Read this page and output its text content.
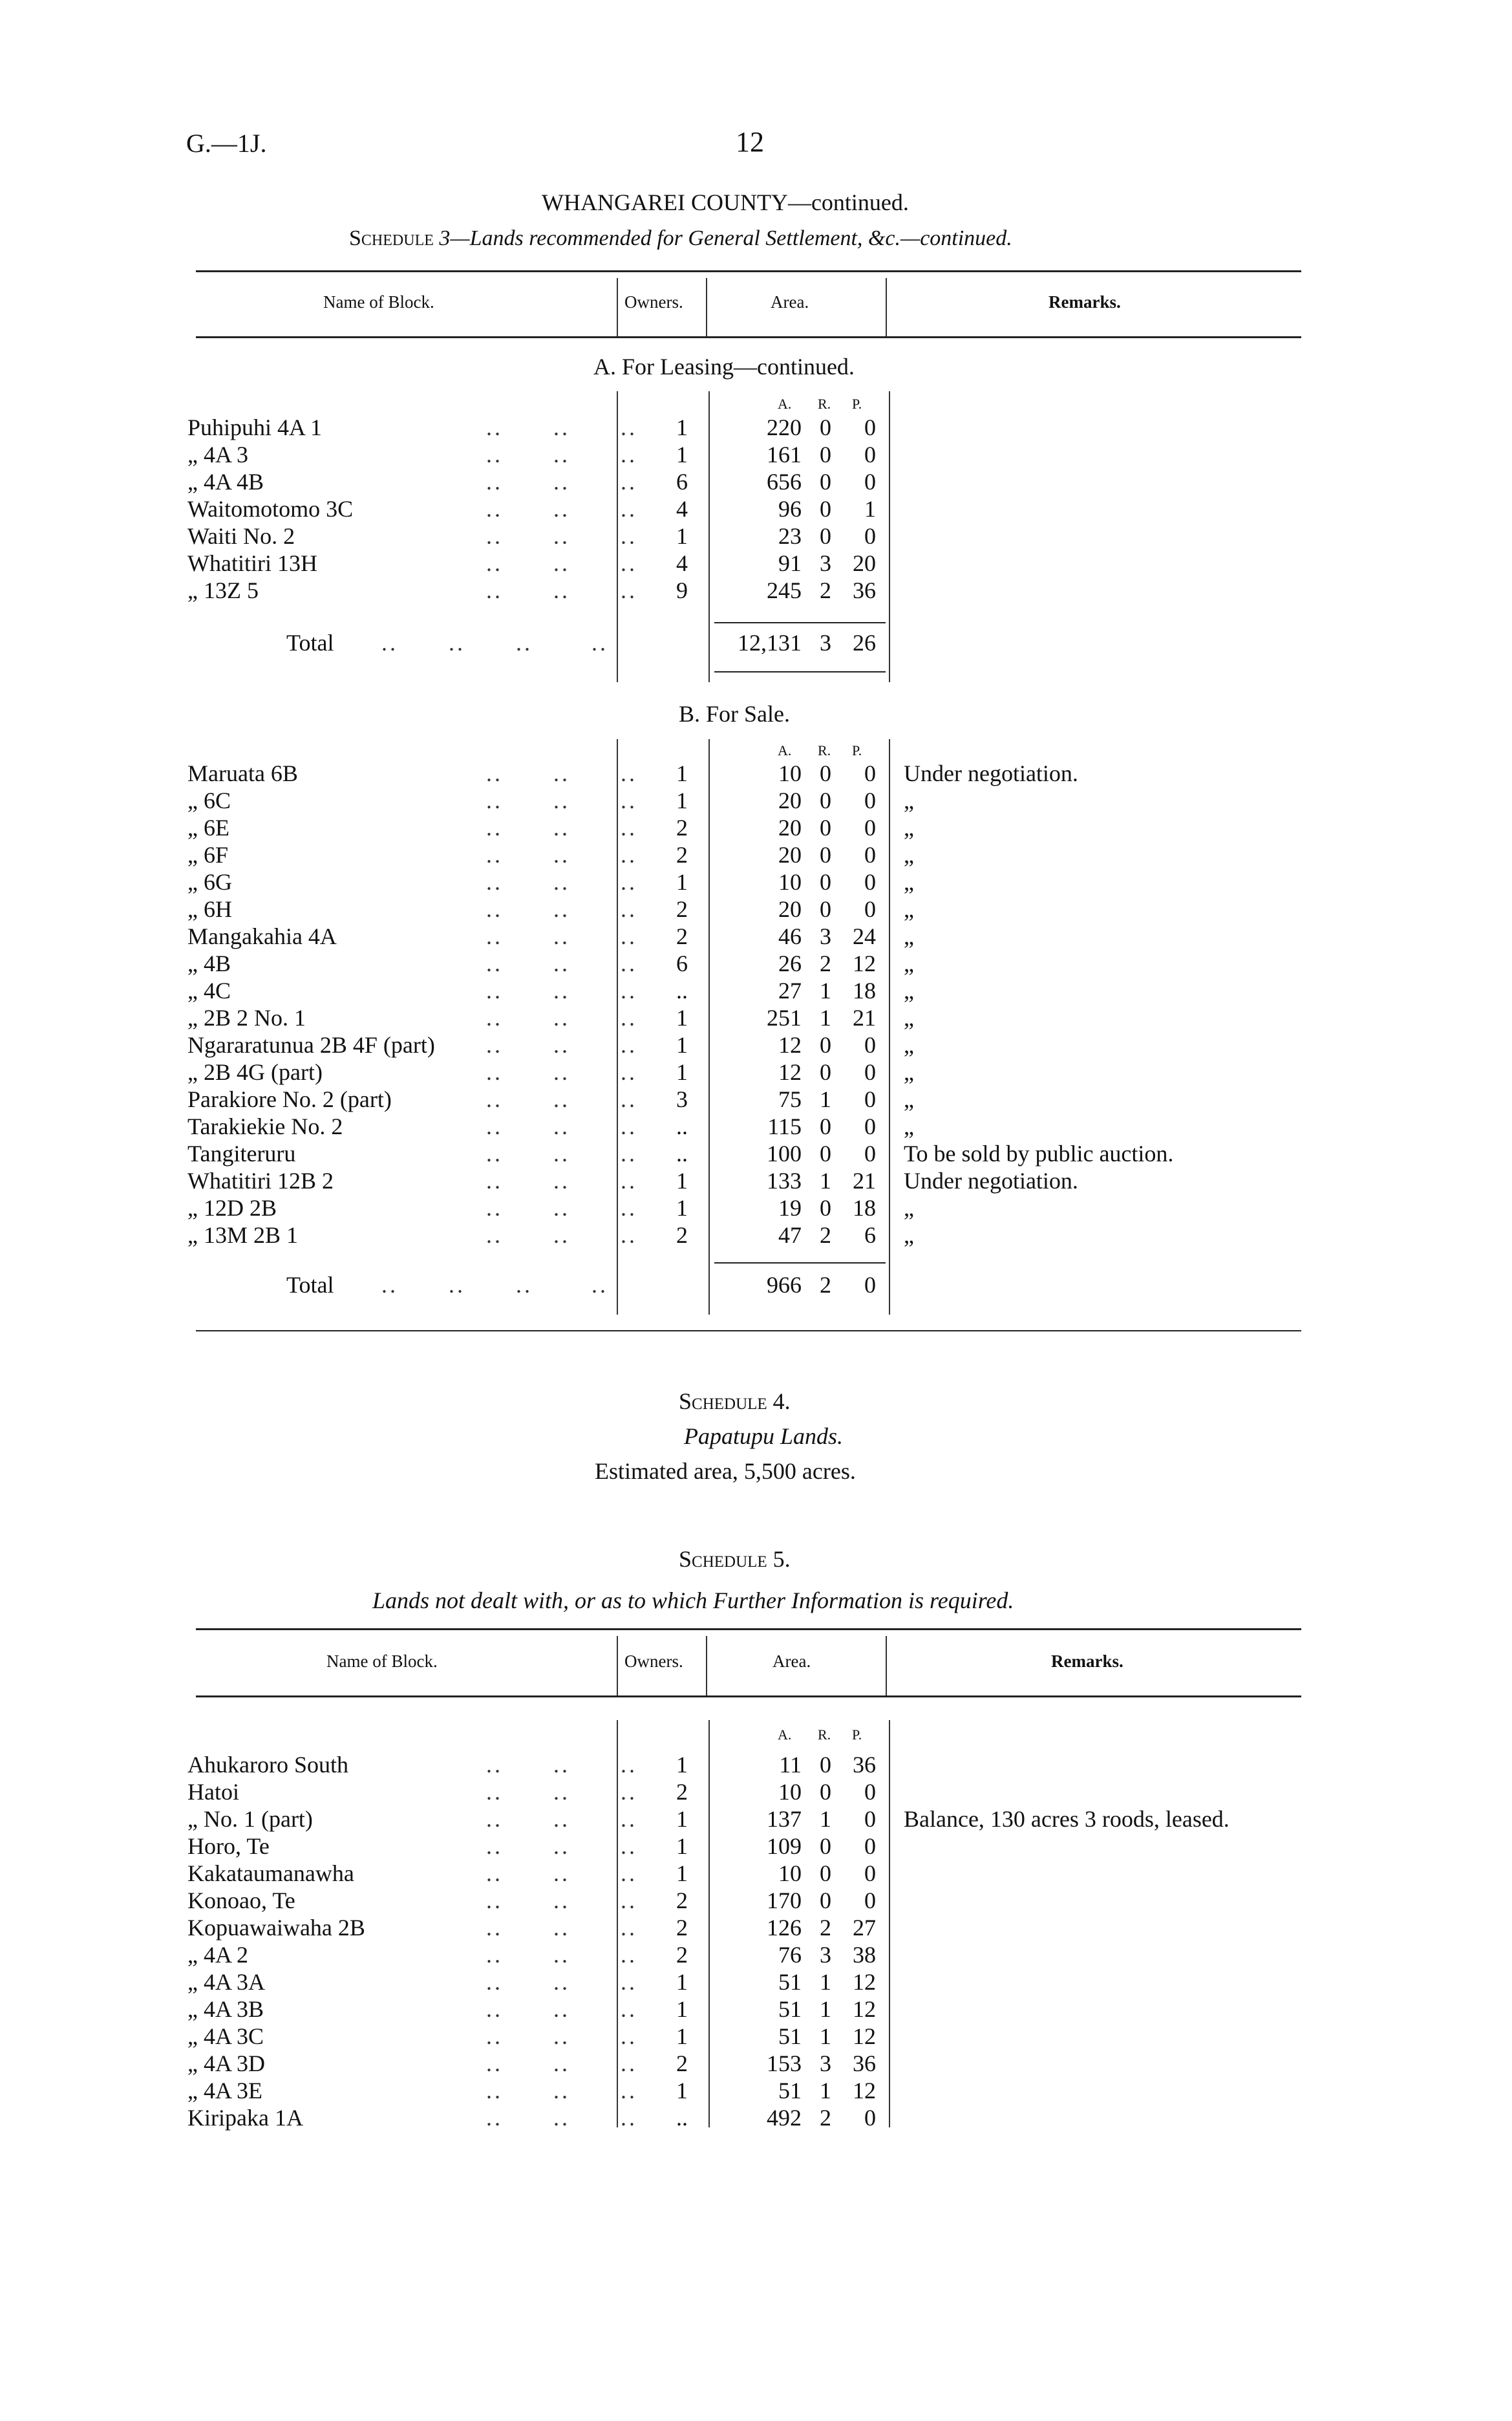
G.—1J.	12
WHANGAREI COUNTY—continued.
Schedule 3—Lands recommended for General Settlement, &c.—continued.
Name of Block.	Owners.	Area.	Remarks.
A. For Leasing—continued.
A. R. P.
Puhipuhi 4A 1	1	220 0	0
..      ..      ..
„ 4A 3	1	161 0	0
..      ..      ..
„ 4A 4B	6	656 0	0
..      ..      ..
Waitomotomo 3C	4	96 0	1
..      ..      ..
Waiti No. 2	1	23 0	0
..      ..      ..
Whatitiri 13H	4	91 3 20
..      ..      ..
„ 13Z 5	9	245 2 36
..      ..      ..
Total ..      ..      ..       ..	12,131 3 26
B. For Sale.
A. R. P.
Maruata 6B	1	10 0	0 Under negotiation.
..      ..      ..
„ 6C	1	20 0	0 „
..      ..      ..
„ 6E	2	20 0	0 „
..      ..      ..
„ 6F	2	20 0	0 „
..      ..      ..
„ 6G	1	10 0	0 „
..      ..      ..
„ 6H	2	20 0	0 „
..      ..      ..
Mangakahia 4A	2	46 3 24 „
..      ..      ..
„ 4B	6	26 2 12 „
..      ..      ..
„ 4C	..	27 1 18 „
..      ..      ..
„ 2B 2 No. 1	1	251 1 21 „
..      ..      ..
Ngararatunua 2B 4F (part)	1	12 0	0 „
..      ..      ..
„ 2B 4G (part)	1	12 0	0 „
..      ..      ..
Parakiore No. 2 (part)	3	75 1	0 „
..      ..      ..
Tarakiekie No. 2	..	115 0	0 „
..      ..      ..
Tangiteruru	..	100 0	0 To be sold by public auction.
..      ..      ..
Whatitiri 12B 2	1	133 1 21 Under negotiation.
..      ..      ..
„ 12D 2B	1	19 0 18 „
..      ..      ..
„ 13M 2B 1	2	47 2	6 „
..      ..      ..
Total ..      ..      ..       ..	966 2	0
Schedule 4.
Papatupu Lands.
Estimated area, 5,500 acres.
Schedule 5.
Lands not dealt with, or as to which Further Information is required.
Name of Block.	Owners.	Area.	Remarks.
A. R. P.
Ahukaroro South	1	11 0 36
..      ..      ..
Hatoi	2	10 0	0
..      ..      ..
„ No. 1 (part)	1	137 1	0 Balance, 130 acres 3 roods, leased.
..      ..      ..
Horo, Te	1	109 0	0
..      ..      ..
Kakataumanawha	1	10 0	0
..      ..      ..
Konoao, Te	2	170 0	0
..      ..      ..
Kopuawaiwaha 2B	2	126 2 27
..      ..      ..
„ 4A 2	2	76 3 38
..      ..      ..
„ 4A 3A	1	51 1 12
..      ..      ..
„ 4A 3B	1	51 1 12
..      ..      ..
„ 4A 3C	1	51 1 12
..      ..      ..
„ 4A 3D	2	153 3 36
..      ..      ..
„ 4A 3E	1	51 1 12
..      ..      ..
Kiripaka 1A	..	492 2	0
..      ..      ..
